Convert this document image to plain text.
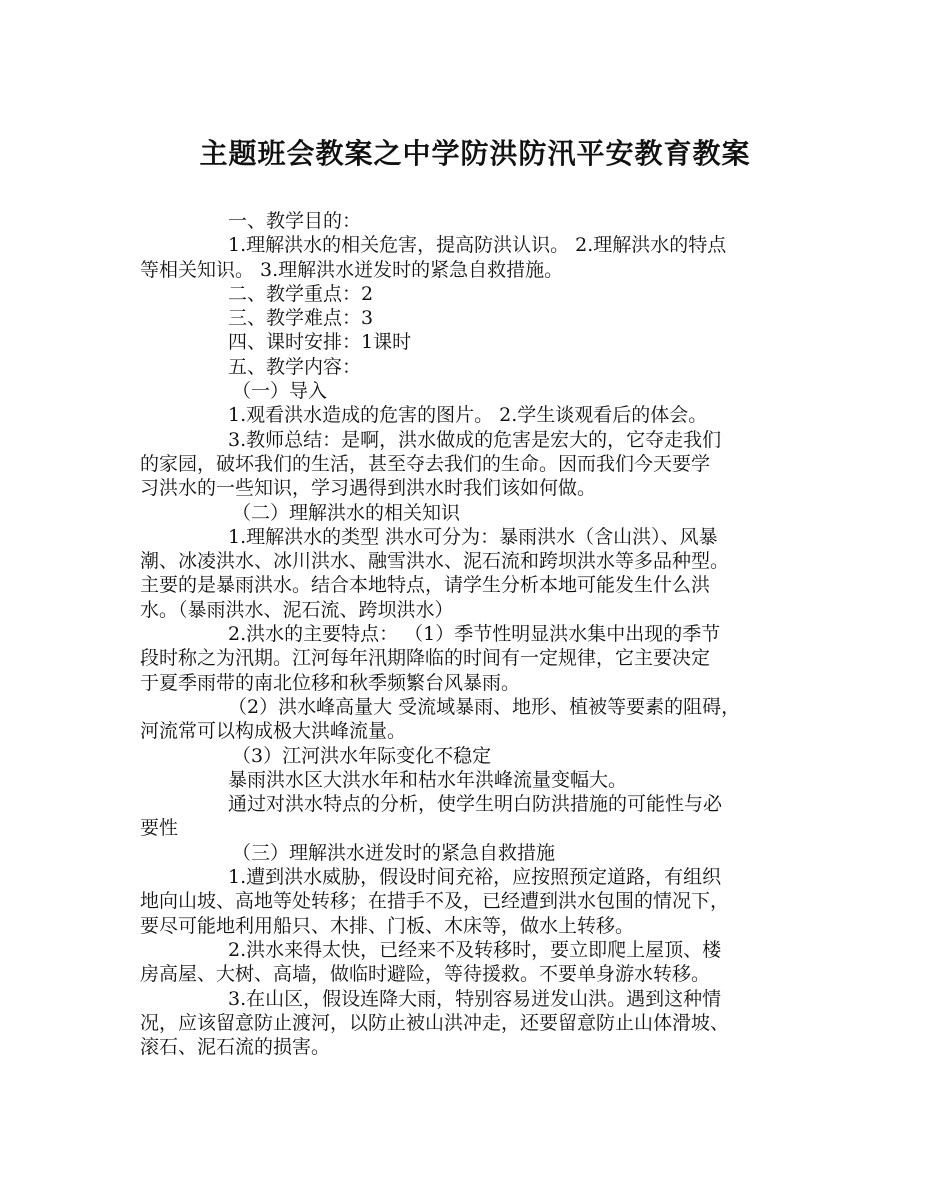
主题班会教案之中学防洪防汛平安教育教案

一、教学目的：

1.理解洪水的相关危害，提高防洪认识。 2.理解洪水的特点

等相关知识。 3.理解洪水迸发时的紧急自救措施。

二、教学重点：2

三、教学难点：3

四、课时安排：1课时

五、教学内容：

（一）导入

1.观看洪水造成的危害的图片。 2.学生谈观看后的体会。

3.教师总结：是啊，洪水做成的危害是宏大的，它夺走我们

的家园，破坏我们的生活，甚至夺去我们的生命。因而我们今天要学

习洪水的一些知识，学习遇得到洪水时我们该如何做。

（二）理解洪水的相关知识

1.理解洪水的类型 洪水可分为：暴雨洪水（含山洪）、风暴

潮、冰凌洪水、冰川洪水、融雪洪水、泥石流和跨坝洪水等多品种型。

主要的是暴雨洪水。结合本地特点，请学生分析本地可能发生什么洪

水。（暴雨洪水、泥石流、跨坝洪水）

2.洪水的主要特点： （1）季节性明显洪水集中出现的季节

段时称之为汛期。江河每年汛期降临的时间有一定规律，它主要决定

于夏季雨带的南北位移和秋季频繁台风暴雨。

（2）洪水峰高量大 受流域暴雨、地形、植被等要素的阻碍，

河流常可以构成极大洪峰流量。

（3）江河洪水年际变化不稳定

暴雨洪水区大洪水年和枯水年洪峰流量变幅大。

通过对洪水特点的分析，使学生明白防洪措施的可能性与必

要性

（三）理解洪水迸发时的紧急自救措施

1.遭到洪水威胁，假设时间充裕，应按照预定道路，有组织

地向山坡、高地等处转移；在措手不及，已经遭到洪水包围的情况下，

要尽可能地利用船只、木排、门板、木床等，做水上转移。

2.洪水来得太快，已经来不及转移时，要立即爬上屋顶、楼

房高屋、大树、高墙，做临时避险，等待援救。不要单身游水转移。

3.在山区，假设连降大雨，特别容易迸发山洪。遇到这种情

况，应该留意防止渡河，以防止被山洪冲走，还要留意防止山体滑坡、

滚石、泥石流的损害。
